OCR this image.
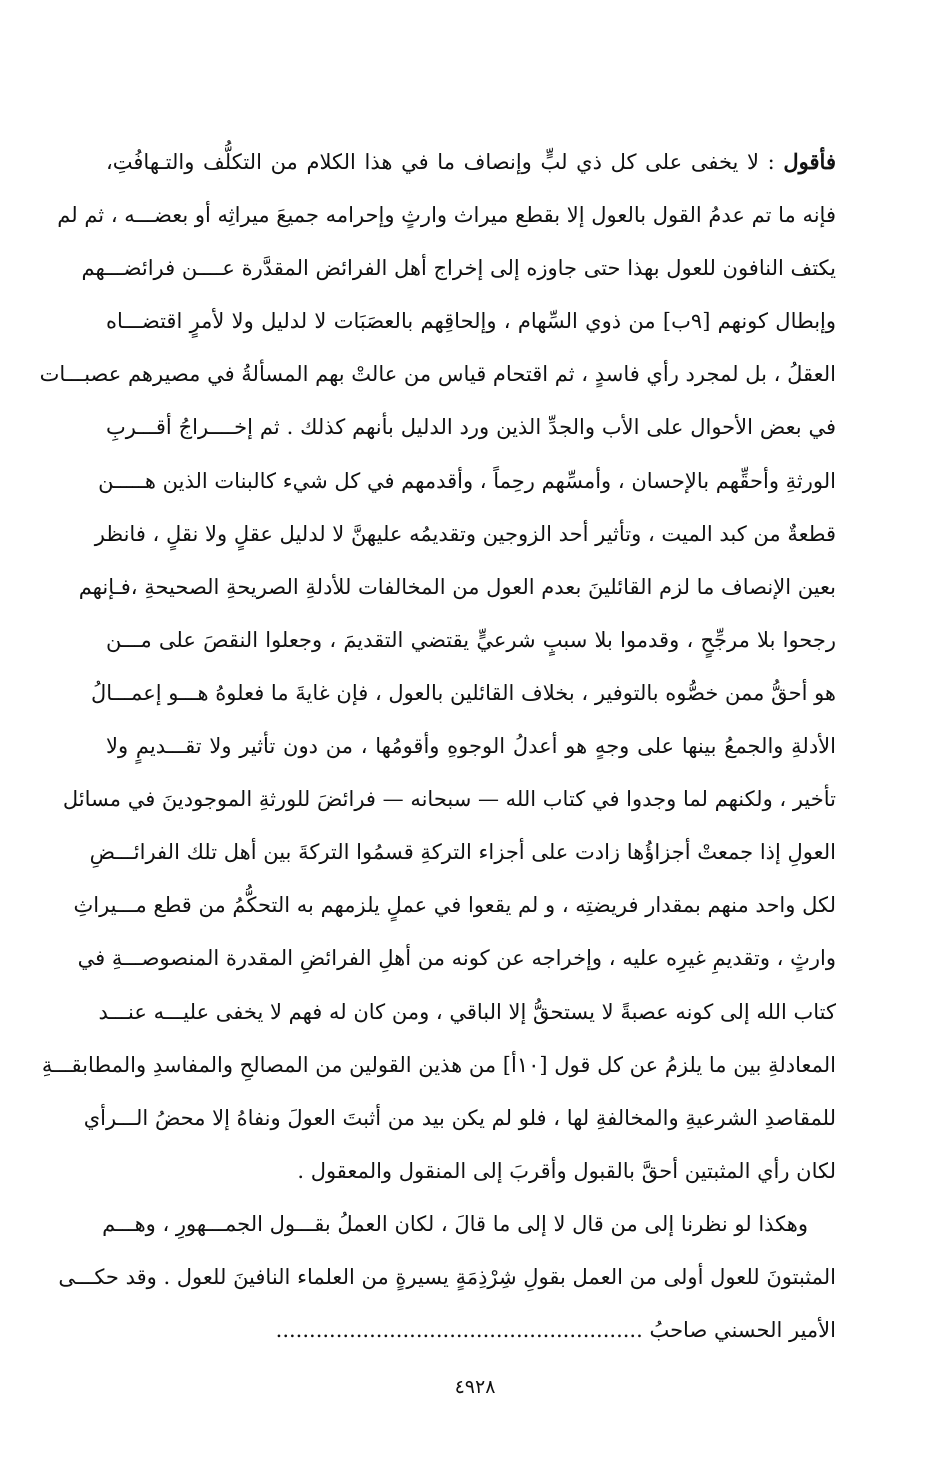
فأقول : لا يخفى على كل ذي لبٍّ وإنصاف ما في هذا الكلام من التكلُّف والتـهافُتِ،
فإنه ما تم عدمُ القول بالعول إلا بقطع ميراث وارثٍ وإحرامه جميعَ ميراثِه أو بعضـــه ، ثم لم
يكتف النافون للعول بهذا حتى جاوزه إلى إخراج أهل الفرائض المقدَّرة عــــن فرائضـــهم
وإبطال كونهم [٩ب] من ذوي السِّهام ، وإلحاقِهم بالعصَبَات لا لدليل ولا لأمرٍ اقتضـــاه
العقلُ ، بل لمجرد رأي فاسدٍ ، ثم اقتحام قياس من عالتْ بهم المسألةُ في مصيرهم عصبـــات
في بعض الأحوال على الأب والجدِّ الذين ورد الدليل بأنهم كذلك . ثم إخــــراجُ أقـــربِ
الورثةِ وأحقِّهم بالإحسان ، وأمسِّهم رحِماً ، وأقدمهم في كل شيء كالبنات الذين هـــــن
قطعةٌ من كبد الميت ، وتأثير أحد الزوجين وتقديمُه عليهنَّ لا لدليل عقلٍ ولا نقلٍ ، فانظر
بعين الإنصاف ما لزم القائلينَ بعدم العول من المخالفات للأدلةِ الصريحةِ الصحيحةِ ،فـإنهم
رجحوا بلا مرجِّحٍ ، وقدموا بلا سببٍ شرعيٍّ يقتضي التقديمَ ، وجعلوا النقصَ على مـــن
هو أحقُّ ممن خصُّوه بالتوفير ، بخلاف القائلين بالعول ، فإن غايةَ ما فعلوهُ هـــو إعمـــالُ
الأدلةِ والجمعُ بينها على وجهٍ هو أعدلُ الوجوهِ وأقومُها ، من دون تأثير ولا تقـــديمٍ ولا
تأخير ، ولكنهم لما وجدوا في كتاب الله — سبحانه — فرائضَ للورثةِ الموجودينَ في مسائل
العولِ إذا جمعتْ أجزاؤُها زادت على أجزاء التركةِ قسمُوا التركةَ بين أهل تلك الفرائـــضِ
لكل واحد منهم بمقدار فريضتِه ، و لم يقعوا في عملٍ يلزمهم به التحكُّمُ من قطع مـــيراثِ
وارثٍ ، وتقديمِ غيرِه عليه ، وإخراجه عن كونه من أهلِ الفرائضِ المقدرة المنصوصـــةِ في
كتاب الله إلى كونه عصبةً لا يستحقُّ إلا الباقي ، ومن كان له فهم لا يخفى عليـــه عنـــد
المعادلةِ بين ما يلزمُ عن كل قول [١٠أ] من هذين القولين من المصالحِ والمفاسدِ والمطابقـــةِ
للمقاصدِ الشرعيةِ والمخالفةِ لها ، فلو لم يكن بيد من أثبتَ العولَ ونفاهُ إلا محضُ الـــرأي
لكان رأي المثبتين أحقَّ بالقبول وأقربَ إلى المنقول والمعقول .
وهكذا لو نظرنا إلى من قال لا إلى ما قالَ ، لكان العملُ بقـــول الجمـــهورِ ، وهـــم
المثبتونَ للعول أولى من العمل بقولِ شِرْذِمَةٍ يسيرةٍ من العلماء النافينَ للعول . وقد حكـــى
الأمير الحسني صاحبُ .......................................................
٤٩٢٨
